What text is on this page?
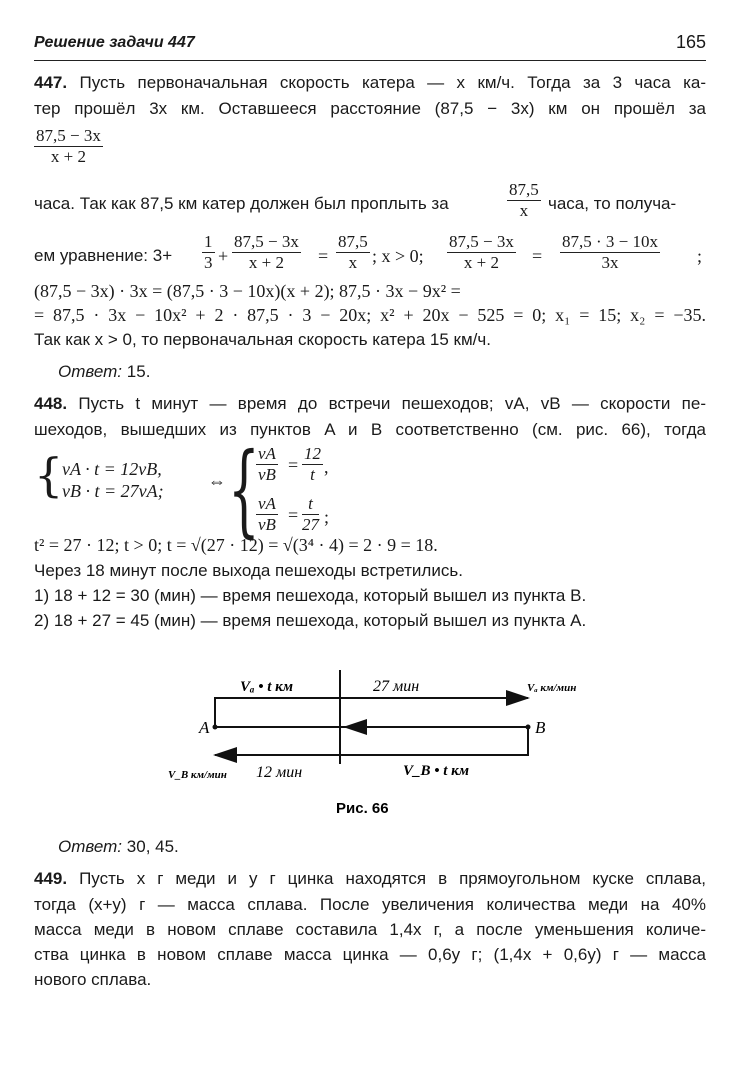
Решение задачи 447	165
447. Пусть первоначальная скорость катера — x км/ч. Тогда за 3 часа ка-
тер прошёл 3x км. Оставшееся расстояние (87,5 − 3x) км он прошёл за
$\frac{87,5 - 3x}{x + 2}$
часа. Так как 87,5 км катер должен был проплыть за	$\frac{87,5}{x}$ часа, то получа-
ем уравнение: $3+ \frac{1}{3} + \frac{87,5 - 3x}{x + 2} = \frac{87,5}{x}$ ; x > 0; $\frac{87,5 - 3x}{x + 2} = \frac{87,5 \cdot 3 - 10x}{3x}$ ;
(87,5 − 3x) · 3x = (87,5 · 3 − 10x)(x + 2); 87,5 · 3x − 9x² =
= 87,5 · 3x − 10x² + 2 · 87,5 · 3 − 20x; x² + 20x − 525 = 0; x₁ = 15; x₂ = −35.
Так как x > 0, то первоначальная скорость катера 15 км/ч.
Ответ: 15.
448. Пусть t минут — время до встречи пешеходов; vA, vB — скорости пе-
шеходов, вышедших из пунктов A и B соответственно (см. рис. 66), тогда
{
vA · t = 12vB,
vB · t = 27vA; ⇔ {
$\frac{vA}{vB} = \frac{12}{t}$ ,
$\frac{vA}{vB} = \frac{t}{27}$ ;
t² = 27 · 12; t > 0; t = √(27 · 12) = √(3⁴ · 4) = 2 · 9 = 18.
Через 18 минут после выхода пешеходы встретились.
1) 18 + 12 = 30 (мин) — время пешехода, который вышел из пункта B.
2) 18 + 27 = 45 (мин) — время пешехода, который вышел из пункта A.
Vₐ • t км	27 мин	Vₐ км/мин
A	B
12 мин	V_B • t км
V_B км/мин
Рис. 66
Ответ: 30, 45.
449. Пусть x г меди и y г цинка находятся в прямоугольном куске сплава,
тогда (x+y) г — масса сплава. После увеличения количества меди на 40%
масса меди в новом сплаве составила 1,4x г, а после уменьшения количе-
ства цинка в новом сплаве масса цинка — 0,6y г; (1,4x + 0,6y) г — масса
нового сплава.
